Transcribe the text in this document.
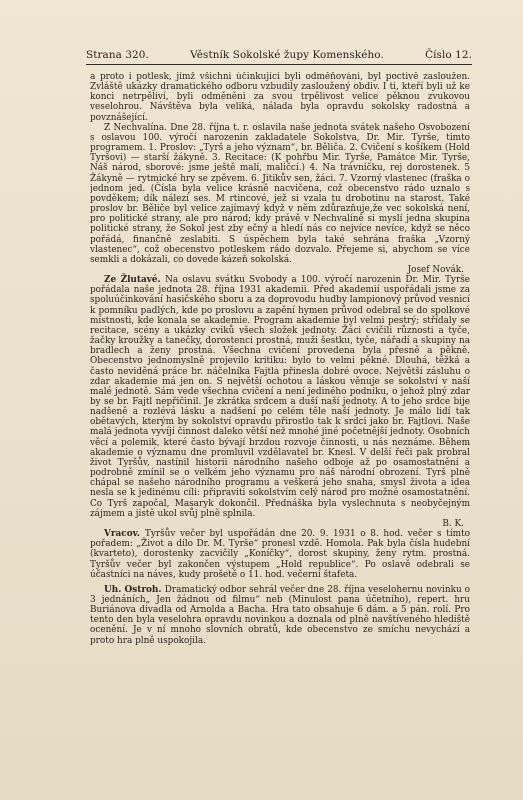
Strana 320.	Věstník Sokolské župy Komenského.	Číslo 12.

a proto i potlesk, jímž všichni účinkující byli odměňováni, byl poctivě zasloužen. Zvláště ukázky dramatického odboru vzbudily zasloužený obdiv. I ti, kteří byli už ke konci netrpěliví, byli odměněni za svou trpělivost velice pěknou zvukovou veselohrou. Návštěva byla veliká, nálada byla opravdu sokolsky radostná a povznášející.

Z Nechvalína. Dne 28. října t. r. oslavila naše jednota svátek našeho Osvobození s oslavou 100. výročí narozenin zakladatele Sokolstva, Dr. Mir. Tyrše, timto programem. 1. Proslov: „Tyrš a jeho význam“, br. Běliča. 2. Cvičení s košíkem (Hold Tyršovi) — starší žákyně. 3. Recitace: (K pohřbu Mir. Tyrše, Památce Mir. Tyrše, Náš národ, sborové: jsme ještě malí, maličcí.) 4. Na trávníčku, rej dorostenek. 5 Žákyně — rytmické hry se zpěvem. 6. Jitikův sen, žáci. 7. Vzorný vlastenec (fraška o jednom jed. (Čísla byla velice krásně nacvičena, což obecenstvo rádo uznalo s povděkem; dík nálezí ses. M rtincové, jež si vzala tu drobotinu na starost. Také proslov br. Běliče byl velice zajímavý když v něm zdůrazňuje,že vec sokolská není, pro politické strany, ale pro národ; kdy právě v Nechvalíně si myslí jedna skupina politické strany, že Sokol jest zby ečný a hledí nás co nejvíce nevíce, když se něco pořádá, finančně zeslabiti. S úspěchem byla také sehrána fraška „Vzorný vlastenec“, což obecenstvo potleskem rádo dozvalo. Přejeme si, abychom se více semkli a dokázali, co dovede kázeň sokolská.

Josef Novák.

Ze Žlutavé. Na oslavu svátku Svobody a 100. výročí narozenin Dr. Mir. Tyrše pořádala naše jednota 28. října 1931 akademii. Před akademií uspořádali jsme za spoluúčinkování hasičského sboru a za doprovodu hudby lampionový průvod vesnicí k pomníku padlých, kde po proslovu a zapění hymen průvod odebral se do spolkové místnosti, kde konala se akademie. Program akademie byl velmi pestrý; střídaly se recitace, scény a ukázky cviků všech složek jednoty. Žáci cvičili různosti a tyče, žačky kroužky a tanečky, dorostenci prostná, muži šestku, tyče, nářadí a skupiny na bradlech a ženy prostná. Všechna cvičení provedena byla přesně a pěkně. Obecenstvo jednomyslně projevilo kritiku: bylo to velmi pěkné. Dlouhá, těžká a často neviděná práce br. náčelníka Fajtla přinesla dobré ovoce. Největší zásluhu o zdar akademie má jen on. S největší ochotou a láskou věnuje se sokolství v naší malé jednotě. Sám vede všechna cvičení a není jediného podniku, o jehož plný zdar by se br. Fajtl nepřičinil. Je zkrátka srdcem a duší naší jednoty. A to jeho srdce bije nadšeně a rozlévá lásku a nadšení po celém těle naší jednoty. Je málo lidí tak obětavých, kterým by sokolství opravdu přirostlo tak k srdci jako br. Fajtlovi. Naše malá jednota vyvíjí činnost daleko větší než mnohé jiné početnější jednoty. Osobních věcí a polemik, které často bývají brzdou rozvoje činnosti, u nás neznáme. Během akademie o významu dne promluvil vzdělavatel br. Knesl. V delší řeči pak probral život Tyršův, nastínil historii národního našeho odboje až po osamostatnění a podrobně zmínil se o velkém jeho významu pro náš národní obrození. Tyrš plně chápal se našeho národního programu a veškerá jeho snaha, smysl života a idea nesla se k jedinému cíli: připraviti sokolstvím celý národ pro možné osamostatnění. Co Tyrš započal, Masaryk dokončil. Přednáška byla vyslechnuta s neobyčejným zájmem a jistě ukol svůj plně splnila.

B. K.

Vracov. Tyršův večer byl uspořádán dne 20. 9. 1931 o 8. hod. večer s tímto pořadem: „Život a dílo Dr. M. Tyrše“ pronesl vzdě. Homola. Pak byla čísla hudební (kvarteto), dorostenky zacvičily „Koníčky“, dorost skupiny, ženy rytm. prostná. Tyršův večer byl zakončen výstupem „Hold republice“. Po oslavě odebrali se účastníci na náves, kudy prošetě o 11. hod. večerní štafeta.

Uh. Ostroh. Dramatický odbor sehrál večer dne 28. října veselohernu novinku o 3 jednáních„ Jen žádnou od filmu“ neb (Minulost pana účetního), repert. hru Buriánova divadla od Arnolda a Bacha. Hra tato obsahuje 6 dám. a 5 pán. rolí. Pro tento den byla veselohra opravdu novinkou a doznala od plně navštíveného hlediště ocenění. Je v ní mnoho slovních obratů, kde obecenstvo ze smíchu nevychází a proto hra plně uspokojila.
